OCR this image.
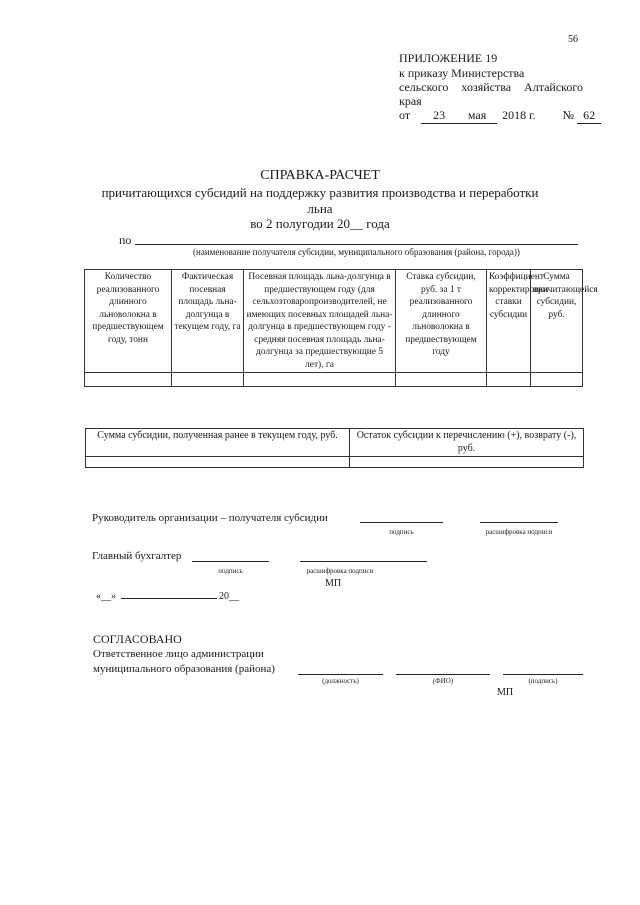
56
ПРИЛОЖЕНИЕ 19
к приказу Министерства
сельского хозяйства Алтайского
края
от 23 мая 2018 г. № 62
СПРАВКА-РАСЧЕТ
причитающихся субсидий на поддержку развития производства и переработки
льна
во 2 полугодии 20__ года
по
(наименование получателя субсидии, муниципального образования (района, города))
Количество реализованного длинного льноволокна в предшествующем году, тонн	Фактическая посевная площадь льна-долгунца в текущем году, га	Посевная площадь льна-долгунца в предшествующем году (для сельхозтоваропроизводителей, не имеющих посевных площадей льна-долгунца в предшествующем году - средняя посевная площадь льна-долгунца за предшествующие 5 лет), га	Ставка субсидии, руб. за 1 т реализованного длинного льноволокна в предшествующем году	Коэффициент корректировки ставки субсидии	Сумма причитающейся субсидии, руб.

Сумма субсидии, полученная ранее в текущем году, руб.	Остаток субсидии к перечислению (+), возврату (-), руб.

Руководитель организации – получателя субсидии
подпись	расшифровка подписи
Главный бухгалтер
подпись	расшифровка подписи
МП
«__»	20__
СОГЛАСОВАНО
Ответственное лицо администрации
муниципального образования (района)
(должность)	(ФИО)	(подпись)
МП
